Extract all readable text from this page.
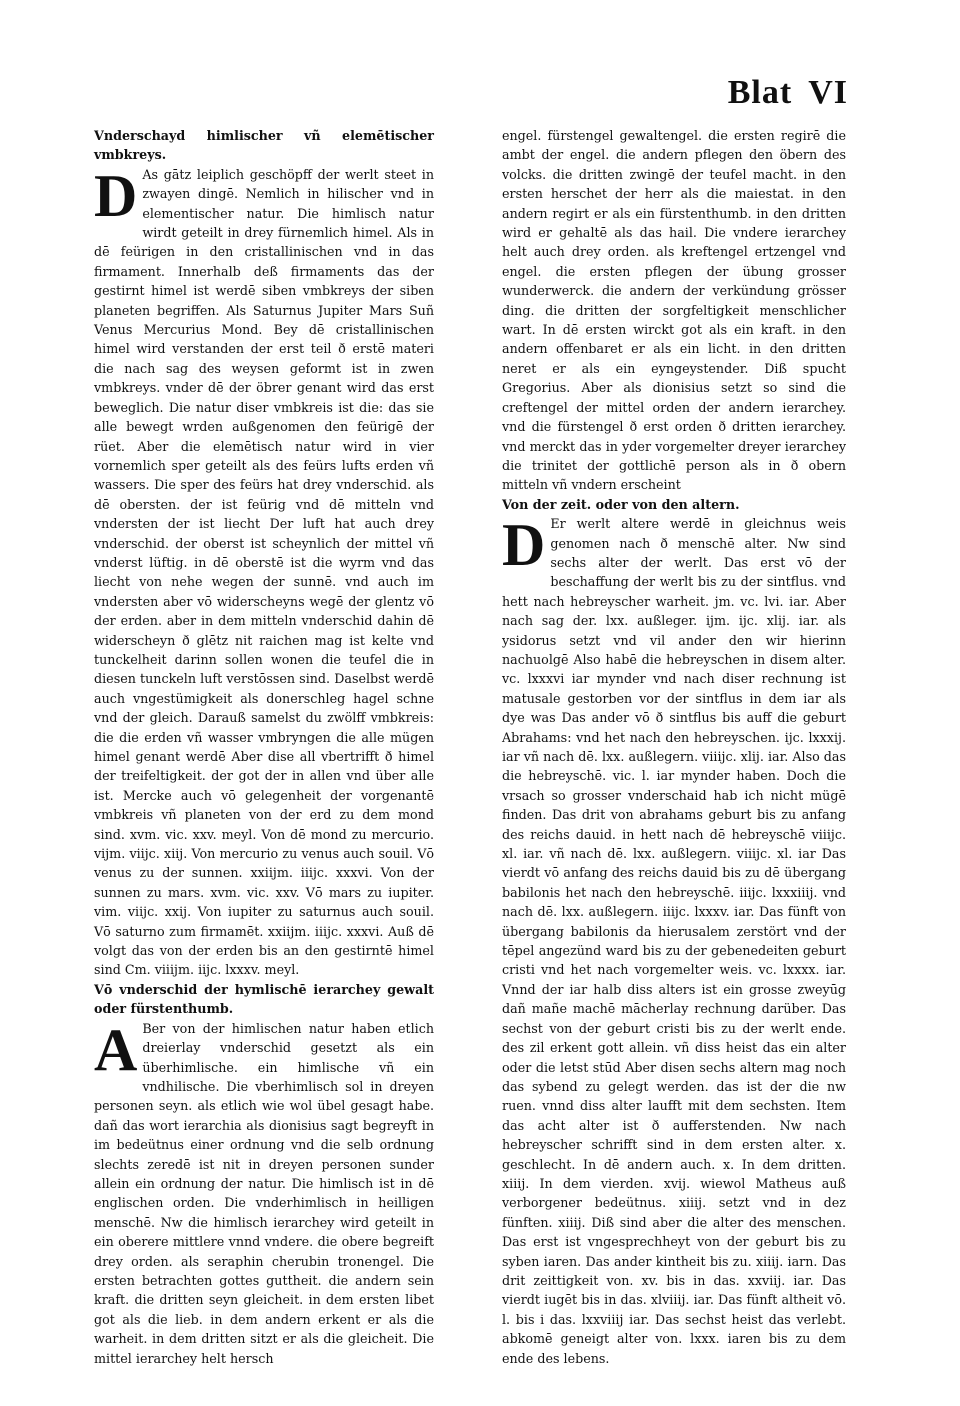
Blat VI

Vnderschayd himlischer vñ elemētischer vmbkreys.

D As gātz leiplich geschöpff der werlt steet in zwayen dingē. Nemlich in hilischer vnd in elementischer natur. Die himlisch natur wirdt geteilt in drey fürnemlich himel. Als in dē feürigen in den cristallinischen vnd in das firmament. Innerhalb deß firmaments das der gestirnt himel ist werdē siben vmbkreys der siben planeten begriffen. Als Saturnus Jupiter Mars Suñ Venus Mercurius Mond. Bey dē cristallinischen himel wird verstanden der erst teil ð erstē materi die nach sag des weysen geformt ist in zwen vmbkreys. vnder dē der öbrer genant wird das erst beweglich. Die natur diser vmbkreis ist die: das sie alle bewegt wrden außgenomen den feürigē der rüet. Aber die elemētisch natur wird in vier vornemlich sper geteilt als des feürs lufts erden vñ wassers. Die sper des feürs hat drey vnderschid. als dē obersten. der ist feürig vnd dē mitteln vnd vndersten der ist liecht Der luft hat auch drey vnderschid. der oberst ist scheynlich der mittel vñ vnderst lüftig. in dē oberstē ist die wyrm vnd das liecht von nehe wegen der sunnē. vnd auch im vndersten aber vō widerscheyns wegē der glentz vō der erden. aber in dem mitteln vnderschid dahin dē widerscheyn ð glētz nit raichen mag ist kelte vnd tunckelheit darinn sollen wonen die teufel die in diesen tunckeln luft verstōssen sind. Daselbst werdē auch vngestümigkeit als donerschleg hagel schne vnd der gleich. Darauß samelst du zwölff vmbkreis: die die erden vñ wasser vmbryngen die alle mügen himel genant werdē Aber dise all vbertrifft ð himel der treifeltigkeit. der got der in allen vnd über alle ist. Mercke auch vō gelegenheit der vorgenantē vmbkreis vñ planeten von der erd zu dem mond sind. xvm. vic. xxv. meyl. Von dē mond zu mercurio. vijm. viijc. xiij. Von mercurio zu venus auch souil. Vō venus zu der sunnen. xxiijm. iiijc. xxxvi. Von der sunnen zu mars. xvm. vic. xxv. Vō mars zu iupiter. vim. viijc. xxij. Von iupiter zu saturnus auch souil. Vō saturno zum firmamēt. xxiijm. iiijc. xxxvi. Auß dē volgt das von der erden bis an den gestirntē himel sind Cm. viiijm. iijc. lxxxv. meyl.

Vō vnderschid der hymlischē ierarchey gewalt oder fürstenthumb.

A Ber von der himlischen natur haben etlich dreierlay vnderschid gesetzt als ein überhimlische. ein himlische vñ ein vndhilische. Die vberhimlisch sol in dreyen personen seyn. als etlich wie wol übel gesagt habe. dañ das wort ierarchia als dionisius sagt begreyft in im bedeütnus einer ordnung vnd die selb ordnung slechts zeredē ist nit in dreyen personen sunder allein ein ordnung der natur. Die himlisch ist in dē englischen orden. Die vnderhimlisch in heilligen menschē. Nw die himlisch ierarchey wird geteilt in ein oberere mittlere vnnd vndere. die obere begreift drey orden. als seraphin cherubin tronengel. Die ersten betrachten gottes guttheit. die andern sein kraft. die dritten seyn gleicheit. in dem ersten libet got als die lieb. in dem andern erkent er als die warheit. in dem dritten sitzt er als die gleicheit. Die mittel ierarchey helt hersch

engel. fürstengel gewaltengel. die ersten regirē die ambt der engel. die andern pflegen den öbern des volcks. die dritten zwingē der teufel macht. in den ersten herschet der herr als die maiestat. in den andern regirt er als ein fürstenthumb. in den dritten wird er gehaltē als das hail. Die vndere ierarchey helt auch drey orden. als kreftengel ertzengel vnd engel. die ersten pflegen der übung grosser wunderwerck. die andern der verkündung grösser ding. die dritten der sorgfeltigkeit menschlicher wart. In dē ersten wirckt got als ein kraft. in den andern offenbaret er als ein licht. in den dritten neret er als ein eyngeystender. Diß spucht Gregorius. Aber als dionisius setzt so sind die creftengel der mittel orden der andern ierarchey. vnd die fürstengel ð erst orden ð dritten ierarchey. vnd merckt das in yder vorgemelter dreyer ierarchey die trinitet der gottlichē person als in ð obern mitteln vñ vndern erscheint

Von der zeit. oder von den altern.

D Er werlt altere werdē in gleichnus weis genomen nach ð menschē alter. Nw sind sechs alter der werlt. Das erst vō der beschaffung der werlt bis zu der sintflus. vnd hett nach hebreyscher warheit. jm. vc. lvi. iar. Aber nach sag der. lxx. außleger. ijm. ijc. xlij. iar. als ysidorus setzt vnd vil ander den wir hierinn nachuolgē Also habē die hebreyschen in disem alter. vc. lxxxvi iar mynder vnd nach diser rechnung ist matusale gestorben vor der sintflus in dem iar als dye was Das ander vō ð sintflus bis auff die geburt Abrahams: vnd het nach den hebreyschen. ijc. lxxxij. iar vñ nach dē. lxx. außlegern. viiijc. xlij. iar. Also das die hebreyschē. vic. l. iar mynder haben. Doch die vrsach so grosser vnderschaid hab ich nicht mügē finden. Das drit von abrahams geburt bis zu anfang des reichs dauid. in hett nach dē hebreyschē viiijc. xl. iar. vñ nach dē. lxx. außlegern. viiijc. xl. iar Das vierdt vō anfang des reichs dauid bis zu dē übergang babilonis het nach den hebreyschē. iiijc. lxxxiiij. vnd nach dē. lxx. außlegern. iiijc. lxxxv. iar. Das fünft von übergang babilonis da hierusalem zerstört vnd der tēpel angezünd ward bis zu der gebenedeiten geburt cristi vnd het nach vorgemelter weis. vc. lxxxx. iar. Vnnd der iar halb diss alters ist ein grosse zweyūg dañ mañe machē mācherlay rechnung darüber. Das sechst von der geburt cristi bis zu der werlt ende. des zil erkent gott allein. vñ diss heist das ein alter oder die letst stūd Aber disen sechs altern mag noch das sybend zu gelegt werden. das ist der die nw ruen. vnnd diss alter laufft mit dem sechsten. Item das acht alter ist ð aufferstenden. Nw nach hebreyscher schrifft sind in dem ersten alter. x. geschlecht. In dē andern auch. x. In dem dritten. xiiij. In dem vierden. xvij. wiewol Matheus auß verborgener bedeütnus. xiiij. setzt vnd in dez fünften. xiiij. Diß sind aber die alter des menschen. Das erst ist vngesprechheyt von der geburt bis zu syben iaren. Das ander kintheit bis zu. xiiij. iarn. Das drit zeittigkeit von. xv. bis in das. xxviij. iar. Das vierdt iugēt bis in das. xlviiij. iar. Das fünft altheit vō. l. bis i das. lxxviiij iar. Das sechst heist das verlebt. abkomē geneigt alter von. lxxx. iaren bis zu dem ende des lebens.
